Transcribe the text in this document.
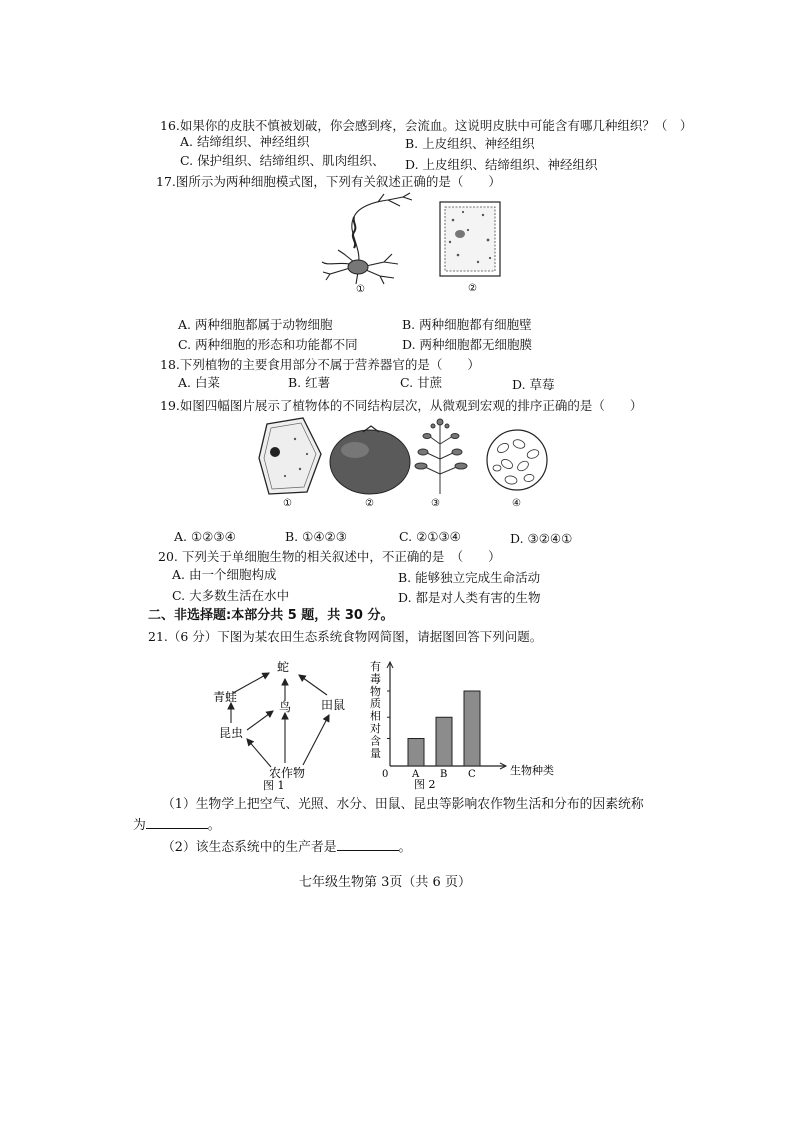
16.如果你的皮肤不慎被划破，你会感到疼，会流血。这说明皮肤中可能含有哪几种组织？（　）
A. 结缔组织、神经组织	B. 上皮组织、神经组织
C. 保护组织、结缔组织、肌肉组织、 D. 上皮组织、结缔组织、神经组织
17.图所示为两种细胞模式图，下列有关叙述正确的是（　　）
①	②
A. 两种细胞都属于动物细胞	B. 两种细胞都有细胞壁
C. 两种细胞的形态和功能都不同	D. 两种细胞都无细胞膜
18.下列植物的主要食用部分不属于营养器官的是（　　）
A. 白菜	B. 红薯	C. 甘蔗	D. 草莓
19.如图四幅图片展示了植物体的不同结构层次，从微观到宏观的排序正确的是（　　）
①	②	③	④
A. ①②③④	B. ①④②③	C. ②①③④	D. ③②④①
20. 下列关于单细胞生物的相关叙述中，不正确的是　（　　）
A. 由一个细胞构成	B. 能够独立完成生命活动
C. 大多数生活在水中	D. 都是对人类有害的生物
二、非选择题:本部分共 5 题，共 30 分。
21.（6 分）下图为某农田生态系统食物网简图，请据图回答下列问题。
蛇
青蛙
鸟 田鼠
昆虫
农作物
图 1
有
毒
物
质
相
对
含
量
A B C
0	生物种类
图 2
（1）生物学上把空气、光照、水分、田鼠、昆虫等影响农作物生活和分布的因素统称
为	。
（2）该生态系统中的生产者是	。
七年级生物第 3页（共 6 页）
